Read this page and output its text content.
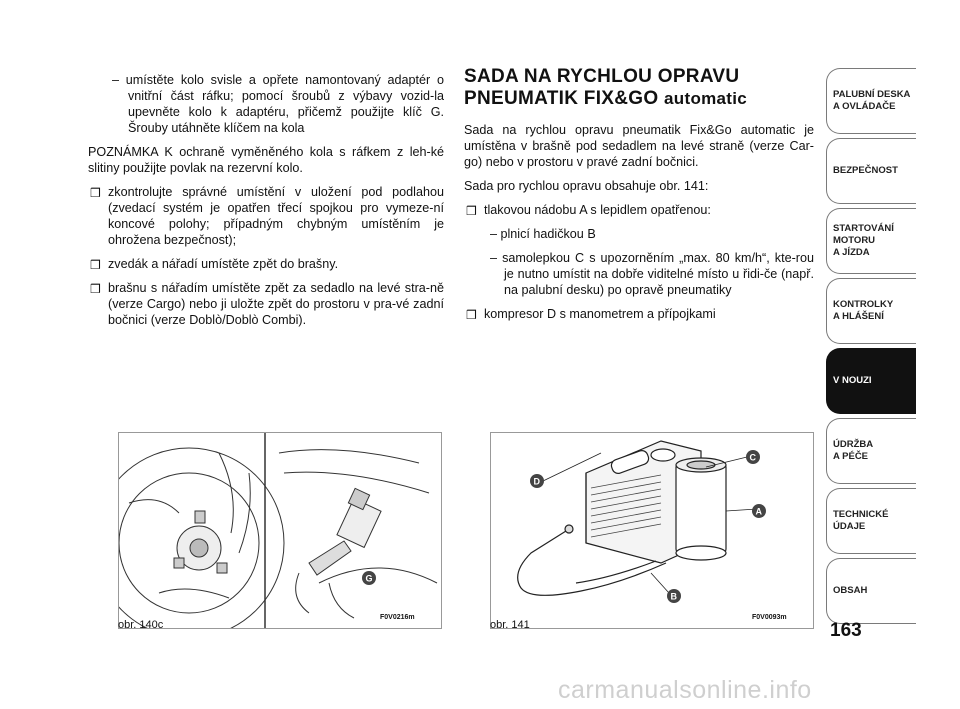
– umístěte kolo svisle a opřete namontovaný adaptér o vnitřní část ráfku; pomocí šroubů z výbavy vozid-la upevněte kolo k adaptéru, přičemž použijte klíč G. Šrouby utáhněte klíčem na kola

POZNÁMKA K ochraně vyměněného kola s ráfkem z leh-ké slitiny použijte povlak na rezervní kolo.

❒ zkontrolujte správné umístění v uložení pod podlahou (zvedací systém je opatřen třecí spojkou pro vymeze-ní koncové polohy; případným chybným umístěním je ohrožena bezpečnost);
❒ zvedák a nářadí umístěte zpět do brašny.
❒ brašnu s nářadím umístěte zpět za sedadlo na levé stra-ně (verze Cargo) nebo ji uložte zpět do prostoru v pra-vé zadní bočnici (verze Doblò/Doblò Combi).
SADA NA RYCHLOU OPRAVU
PNEUMATIK FIX&GO automatic

Sada na rychlou opravu pneumatik Fix&Go automatic je umístěna v brašně pod sedadlem na levé straně (verze Car-go) nebo v prostoru v pravé zadní bočnici.

Sada pro rychlou opravu obsahuje obr. 141:

❒ tlakovou nádobu A s lepidlem opatřenou:
– plnicí hadičkou B
– samolepkou C s upozorněním „max. 80 km/h“, kte-rou je nutno umístit na dobře viditelné místo u řidi-če (např. na palubní desku) po opravě pneumatiky
❒ kompresor D s manometrem a přípojkami
G
obr. 140c
F0V0216m
C
D
A
B
obr. 141
F0V0093m
PALUBNÍ DESKA
A OVLÁDAČE
BEZPEČNOST
STARTOVÁNÍ
MOTORU
A JÍZDA
KONTROLKY
A HLÁŠENÍ
V NOUZI
ÚDRŽBA
A PÉČE
TECHNICKÉ
ÚDAJE
OBSAH
163
carmanualsonline.info
